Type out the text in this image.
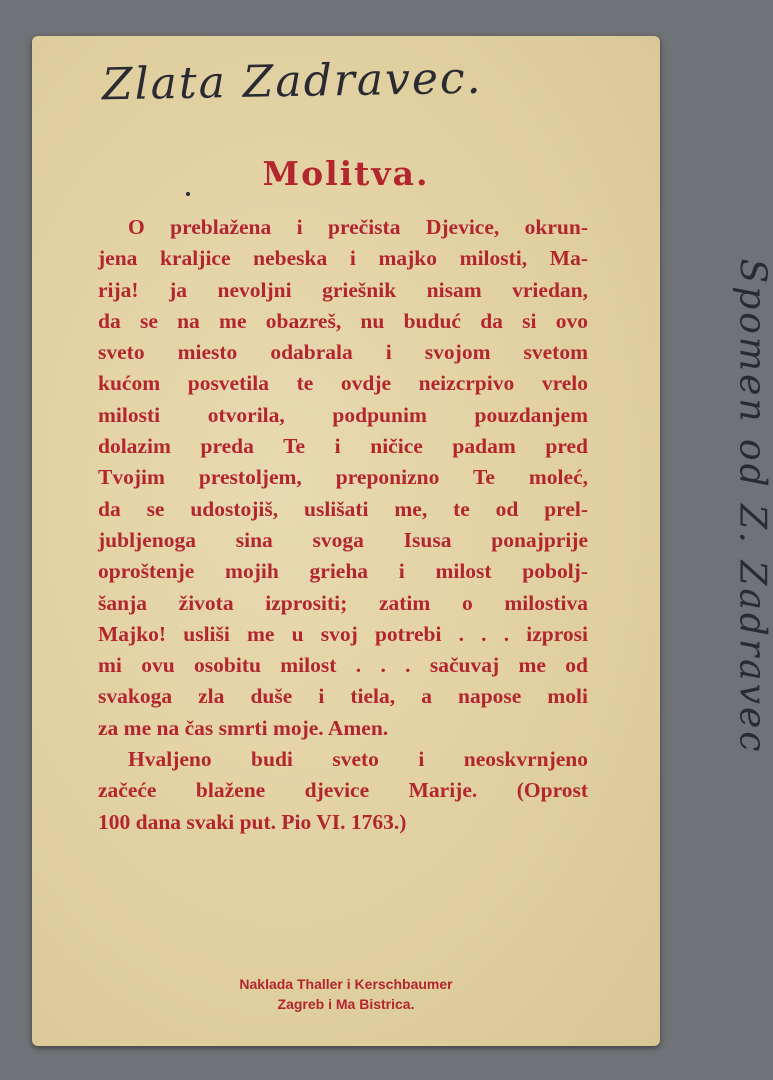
Zlata Zadravec.
Molitva.
O preblažena i prečista Djevice, okrun-
jena kraljice nebeska i majko milosti, Ma-
rija! ja nevoljni griešnik nisam vriedan,
da se na me obazreš, nu buduć da si ovo
sveto miesto odabrala i svojom svetom
kućom posvetila te ovdje neizcrpivo vrelo
milosti otvorila, podpunim pouzdanjem
dolazim preda Te i ničice padam pred
Tvojim prestoljem, preponizno Te moleć,
da se udostojiš, uslišati me, te od prel-
jubljenoga sina svoga Isusa ponajprije
oproštenje mojih grieha i milost pobolj-
šanja života izprositi; zatim o milostiva
Majko! usliši me u svoj potrebi . . . izprosi
mi ovu osobitu milost . . . sačuvaj me od
svakoga zla duše i tiela, a napose moli
za me na čas smrti moje. Amen.
Hvaljeno budi sveto i neoskvrnjeno
začeće blažene djevice Marije. (Oprost
100 dana svaki put. Pio VI. 1763.)
Spomen od Z. Zadravec
Naklada Thaller i Kerschbaumer
Zagreb i Ma Bistrica.
